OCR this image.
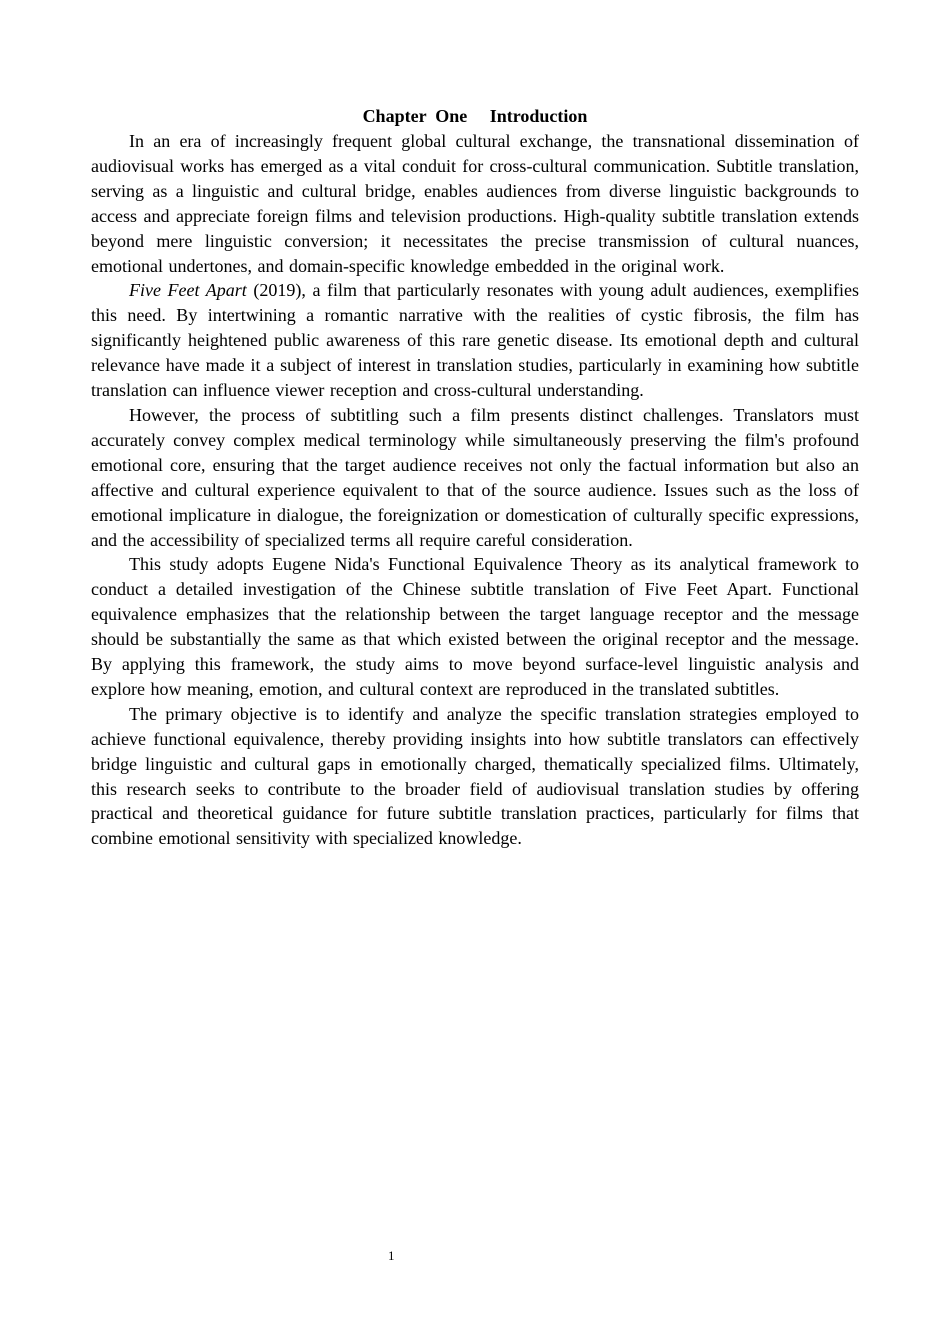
Chapter  One     Introduction

In an era of increasingly frequent global cultural exchange, the transnational dissemination of audiovisual works has emerged as a vital conduit for cross-cultural communication. Subtitle translation, serving as a linguistic and cultural bridge, enables audiences from diverse linguistic backgrounds to access and appreciate foreign films and television productions. High-quality subtitle translation extends beyond mere linguistic conversion; it necessitates the precise transmission of cultural nuances, emotional undertones, and domain-specific knowledge embedded in the original work.

Five Feet Apart (2019), a film that particularly resonates with young adult audiences, exemplifies this need. By intertwining a romantic narrative with the realities of cystic fibrosis, the film has significantly heightened public awareness of this rare genetic disease. Its emotional depth and cultural relevance have made it a subject of interest in translation studies, particularly in examining how subtitle translation can influence viewer reception and cross-cultural understanding.

However, the process of subtitling such a film presents distinct challenges. Translators must accurately convey complex medical terminology while simultaneously preserving the film's profound emotional core, ensuring that the target audience receives not only the factual information but also an affective and cultural experience equivalent to that of the source audience. Issues such as the loss of emotional implicature in dialogue, the foreignization or domestication of culturally specific expressions, and the accessibility of specialized terms all require careful consideration.

This study adopts Eugene Nida's Functional Equivalence Theory as its analytical framework to conduct a detailed investigation of the Chinese subtitle translation of Five Feet Apart. Functional equivalence emphasizes that the relationship between the target language receptor and the message should be substantially the same as that which existed between the original receptor and the message. By applying this framework, the study aims to move beyond surface-level linguistic analysis and explore how meaning, emotion, and cultural context are reproduced in the translated subtitles.

The primary objective is to identify and analyze the specific translation strategies employed to achieve functional equivalence, thereby providing insights into how subtitle translators can effectively bridge linguistic and cultural gaps in emotionally charged, thematically specialized films. Ultimately, this research seeks to contribute to the broader field of audiovisual translation studies by offering practical and theoretical guidance for future subtitle translation practices, particularly for films that combine emotional sensitivity with specialized knowledge.

1
